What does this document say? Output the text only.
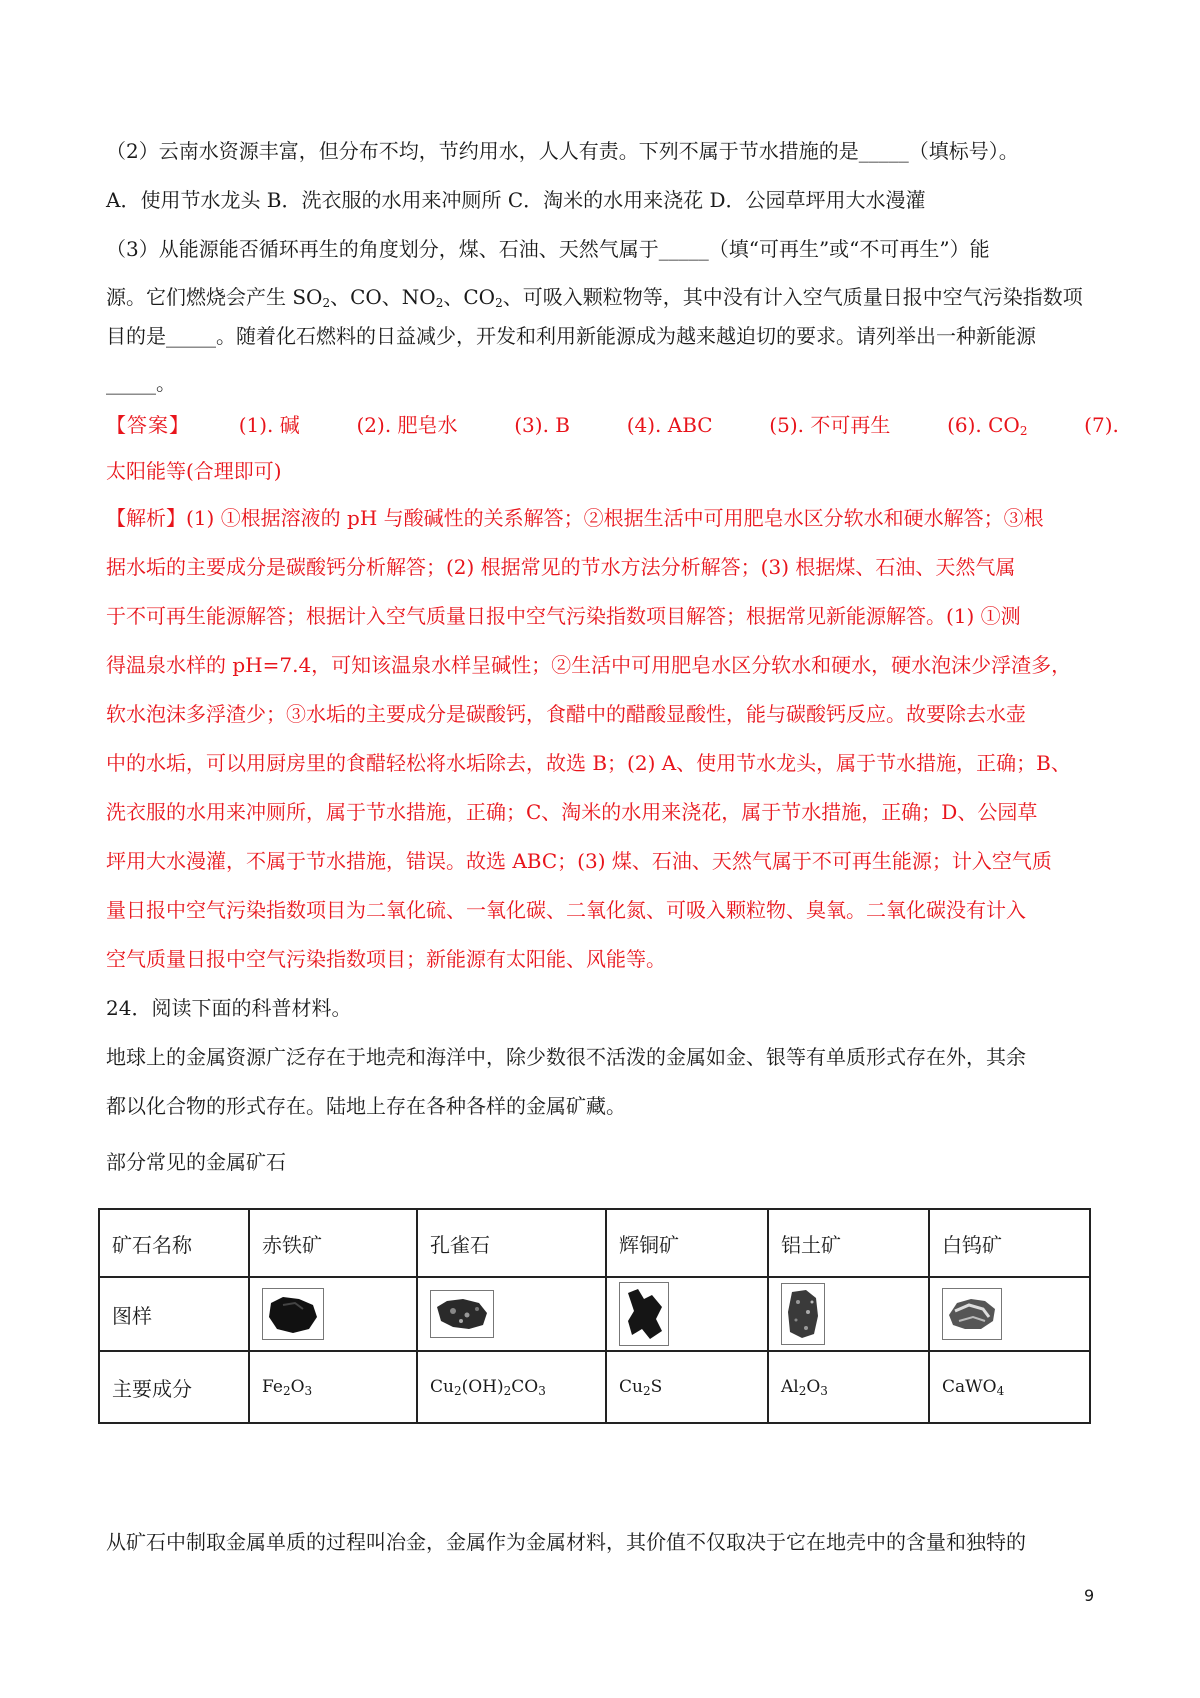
（2）云南水资源丰富，但分布不均，节约用水，人人有责。下列不属于节水措施的是_____（填标号）。
A．使用节水龙头 B．洗衣服的水用来冲厕所 C．淘米的水用来浇花 D．公园草坪用大水漫灌
（3）从能源能否循环再生的角度划分，煤、石油、天然气属于_____（填“可再生”或“不可再生”）能
源。它们燃烧会产生 $SO_2$、CO、$NO_2$、$CO_2$、可吸入颗粒物等，其中没有计入空气质量日报中空气污染指数项
目的是_____。随着化石燃料的日益减少，开发和利用新能源成为越来越迫切的要求。请列举出一种新能源
_____。
【答案】 (1). 碱	(2). 肥皂水	(3). B	(4). ABC	(5). 不可再生	(6). $CO_2$	(7).
太阳能等(合理即可)
【解析】(1) ①根据溶液的 pH 与酸碱性的关系解答；②根据生活中可用肥皂水区分软水和硬水解答；③根
据水垢的主要成分是碳酸钙分析解答；(2) 根据常见的节水方法分析解答；(3) 根据煤、石油、天然气属
于不可再生能源解答；根据计入空气质量日报中空气污染指数项目解答；根据常见新能源解答。(1) ①测
得温泉水样的 pH=7.4，可知该温泉水样呈碱性；②生活中可用肥皂水区分软水和硬水，硬水泡沫少浮渣多，
软水泡沫多浮渣少；③水垢的主要成分是碳酸钙，食醋中的醋酸显酸性，能与碳酸钙反应。故要除去水壶
中的水垢，可以用厨房里的食醋轻松将水垢除去，故选 B；(2) A、使用节水龙头，属于节水措施，正确；B、
洗衣服的水用来冲厕所，属于节水措施，正确；C、淘米的水用来浇花，属于节水措施，正确；D、公园草
坪用大水漫灌，不属于节水措施，错误。故选 ABC；(3) 煤、石油、天然气属于不可再生能源；计入空气质
量日报中空气污染指数项目为二氧化硫、一氧化碳、二氧化氮、可吸入颗粒物、臭氧。二氧化碳没有计入
空气质量日报中空气污染指数项目；新能源有太阳能、风能等。
24．阅读下面的科普材料。
地球上的金属资源广泛存在于地壳和海洋中，除少数很不活泼的金属如金、银等有单质形式存在外，其余
都以化合物的形式存在。陆地上存在各种各样的金属矿藏。
部分常见的金属矿石
矿石名称	赤铁矿	孔雀石	辉铜矿	铝土矿	白钨矿
图样	

主要成分	$Fe_2O_3$	$Cu_2(OH)_2CO_3$	$Cu_2S$	$Al_2O_3$	CaWO$_4$
从矿石中制取金属单质的过程叫冶金，金属作为金属材料，其价值不仅取决于它在地壳中的含量和独特的
9
